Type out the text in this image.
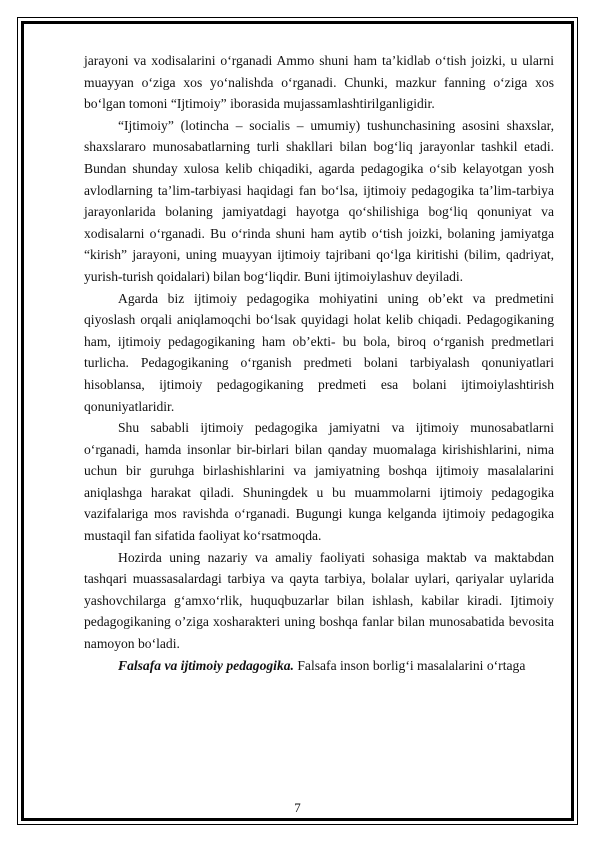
jarayoni va xodisalarini o‘rganadi Ammo shuni ham ta’kidlab o‘tish joizki, u ularni muayyan o‘ziga xos yo‘nalishda o‘rganadi. Chunki, mazkur fanning o‘ziga xos bo‘lgan tomoni “Ijtimoiy” iborasida mujassamlashtirilganligidir.

“Ijtimoiy” (lotincha – socialis – umumiy) tushunchasining asosini shaxslar, shaxslararo munosabatlarning turli shakllari bilan bog‘liq jarayonlar tashkil etadi. Bundan shunday xulosa kelib chiqadiki, agarda pedagogika o‘sib kelayotgan yosh avlodlarning ta’lim-tarbiyasi haqidagi fan bo‘lsa, ijtimoiy pedagogika ta’lim-tarbiya jarayonlarida bolaning jamiyatdagi hayotga qo‘shilishiga bog‘liq qonuniyat va xodisalarni o‘rganadi. Bu o‘rinda shuni ham aytib o‘tish joizki, bolaning jamiyatga “kirish” jarayoni, uning muayyan ijtimoiy tajribani qo‘lga kiritishi (bilim, qadriyat, yurish-turish qoidalari) bilan bog‘liqdir. Buni ijtimoiylashuv deyiladi.

Agarda biz ijtimoiy pedagogika mohiyatini uning ob’ekt va predmetini qiyoslash orqali aniqlamoqchi bo‘lsak quyidagi holat kelib chiqadi. Pedagogikaning ham, ijtimoiy pedagogikaning ham ob’ekti- bu bola, biroq o‘rganish predmetlari turlicha. Pedagogikaning o‘rganish predmeti bolani tarbiyalash qonuniyatlari hisoblansa, ijtimoiy pedagogikaning predmeti esa bolani ijtimoiylashtirish qonuniyatlaridir.

Shu sababli ijtimoiy pedagogika jamiyatni va ijtimoiy munosabatlarni o‘rganadi, hamda insonlar bir-birlari bilan qanday muomalaga kirishishlarini, nima uchun bir guruhga birlashishlarini va jamiyatning boshqa ijtimoiy masalalarini aniqlashga harakat qiladi. Shuningdek u bu muammolarni ijtimoiy pedagogika vazifalariga mos ravishda o‘rganadi. Bugungi kunga kelganda ijtimoiy pedagogika mustaqil fan sifatida faoliyat ko‘rsatmoqda.

Hozirda uning nazariy va amaliy faoliyati sohasiga maktab va maktabdan tashqari muassasalardagi tarbiya va qayta tarbiya, bolalar uylari, qariyalar uylarida yashovchilarga g‘amxo‘rlik, huquqbuzarlar bilan ishlash, kabilar kiradi. Ijtimoiy pedagogikaning o’ziga xosharakteri uning boshqa fanlar bilan munosabatida bevosita namoyon bo‘ladi.

Falsafa va ijtimoiy pedagogika. Falsafa inson borlig‘i masalalarini o‘rtaga

7
